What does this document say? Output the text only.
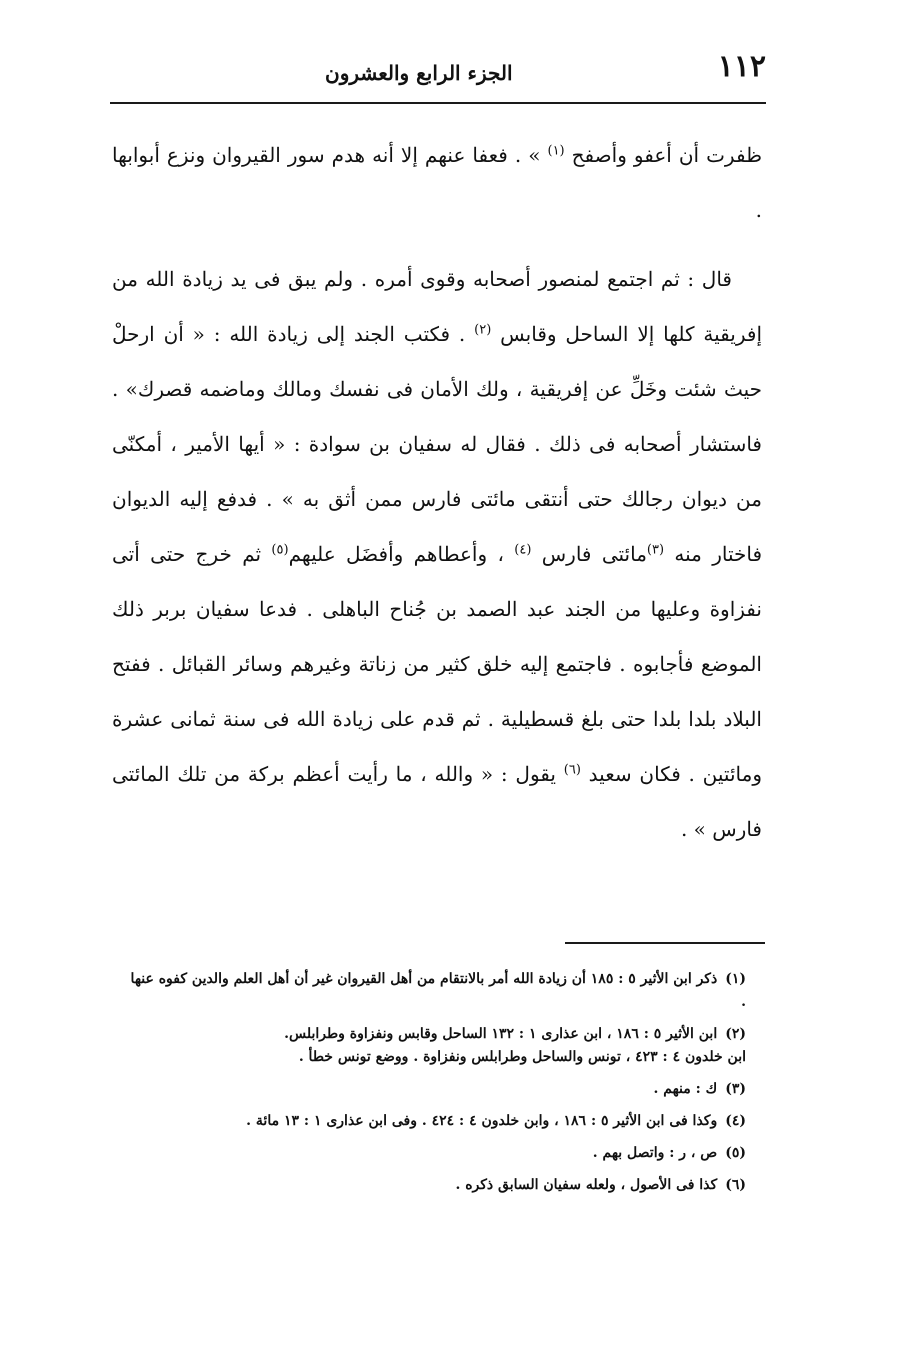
١١٢
الجزء الرابع والعشرون

ظفرت أن أعفو وأصفح $^{(١)}$ » . فعفا عنهم إلا أنه هدم سور القيروان ونزع أبوابها .

قال : ثم اجتمع لمنصور أصحابه وقوى أمره . ولم يبق فى يد زيادة الله من إفريقية كلها إلا الساحل وقابس $^{(٢)}$ . فكتب الجند إلى زيادة الله : « أن ارحلْ حيث شئت وخَلِّ عن إفريقية ، ولك الأمان فى نفسك ومالك وماضمه قصرك» . فاستشار أصحابه فى ذلك . فقال له سفيان بن سوادة : « أيها الأمير ، أمكنّى من ديوان رجالك حتى أنتقى مائتى فارس ممن أثق به » . فدفع إليه الديوان فاختار منه $^{(٣)}$مائتى فارس $^{(٤)}$ ، وأعطاهم وأفضَل عليهم$^{(٥)}$ ثم خرج حتى أتى نفزاوة وعليها من الجند عبد الصمد بن جُناح الباهلى . فدعا سفيان بربر ذلك الموضع فأجابوه . فاجتمع إليه خلق كثير من زناتة وغيرهم وسائر القبائل . ففتح البلاد بلدا بلدا حتى بلغ قسطيلية . ثم قدم على زيادة الله فى سنة ثمانى عشرة ومائتين . فكان سعيد $^{(٦)}$ يقول : « والله ، ما رأيت أعظم بركة من تلك المائتى فارس » .

(١)ذكر ابن الأثير ٥ : ١٨٥ أن زيادة الله أمر بالانتقام من أهل القيروان غير أن أهل العلم والدين كفوه عنها .

(٢)ابن الأثير ٥ : ١٨٦ ، ابن عذارى ١ : ١٣٢ الساحل وقابس ونفزاوة وطرابلس.
ابن خلدون ٤ : ٤٢٣ ، تونس والساحل وطرابلس ونفزاوة . ووضع تونس خطأ .

(٣)ك : منهم .

(٤)وكذا فى ابن الأثير ٥ : ١٨٦ ، وابن خلدون ٤ : ٤٢٤ . وفى ابن عذارى ١ : ١٣ مائة .

(٥)ص ، ر : واتصل بهم .

(٦)كذا فى الأصول ، ولعله سفيان السابق ذكره .
